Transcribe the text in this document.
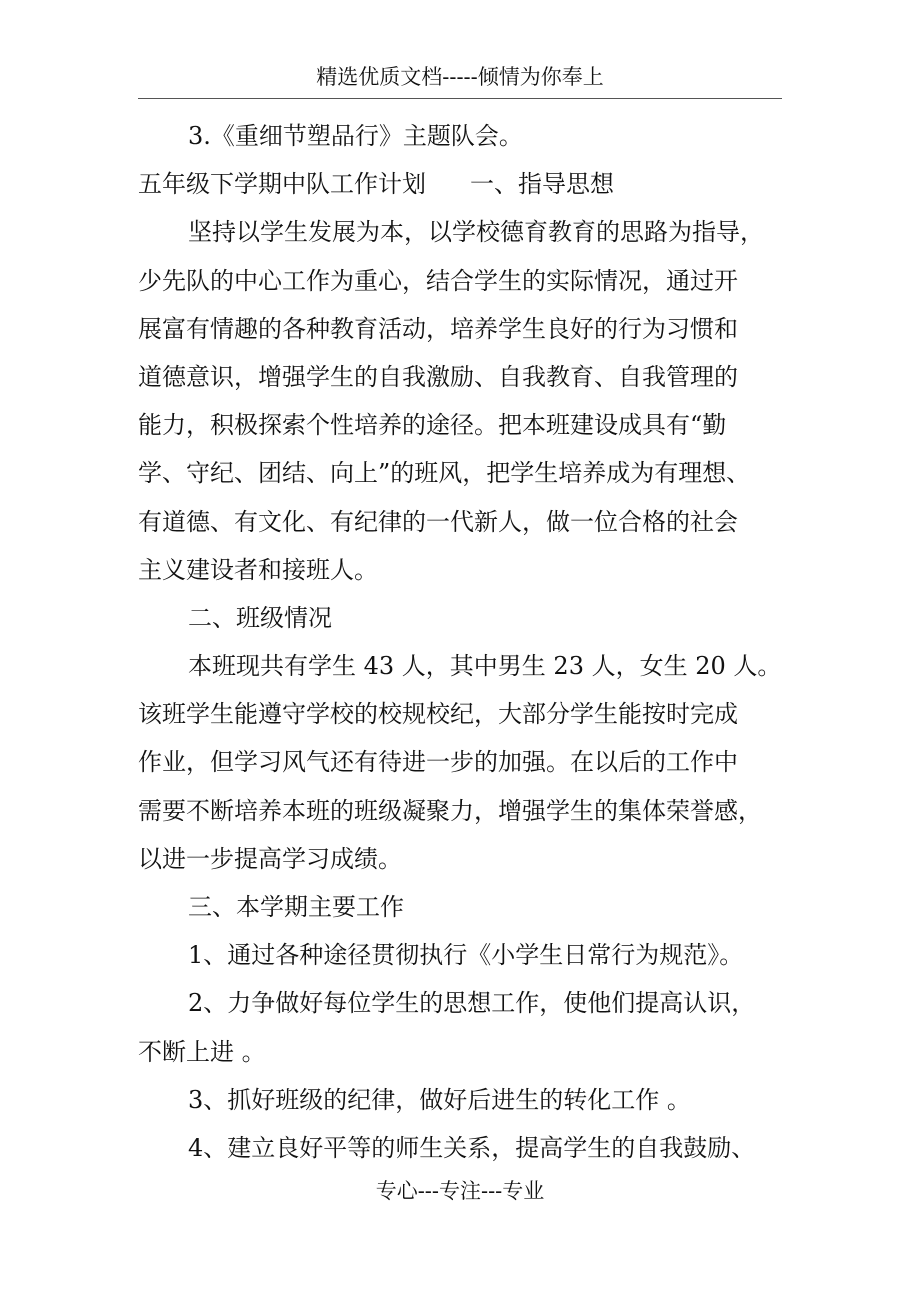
精选优质文档-----倾情为你奉上
3.《重细节塑品行》主题队会。
五年级下学期中队工作计划 一、指导思想
坚持以学生发展为本，以学校德育教育的思路为指导，
少先队的中心工作为重心，结合学生的实际情况，通过开
展富有情趣的各种教育活动，培养学生良好的行为习惯和
道德意识，增强学生的自我激励、自我教育、自我管理的
能力，积极探索个性培养的途径。把本班建设成具有“勤
学、守纪、团结、向上”的班风，把学生培养成为有理想、
有道德、有文化、有纪律的一代新人，做一位合格的社会
主义建设者和接班人。
二、班级情况
本班现共有学生 43 人，其中男生 23 人，女生 20 人。
该班学生能遵守学校的校规校纪，大部分学生能按时完成
作业，但学习风气还有待进一步的加强。在以后的工作中
需要不断培养本班的班级凝聚力，增强学生的集体荣誉感，
以进一步提高学习成绩。
三、本学期主要工作
1、通过各种途径贯彻执行《小学生日常行为规范》。
2、力争做好每位学生的思想工作，使他们提高认识，
不断上进 。
3、抓好班级的纪律，做好后进生的转化工作 。
4、建立良好平等的师生关系，提高学生的自我鼓励、
专心---专注---专业
